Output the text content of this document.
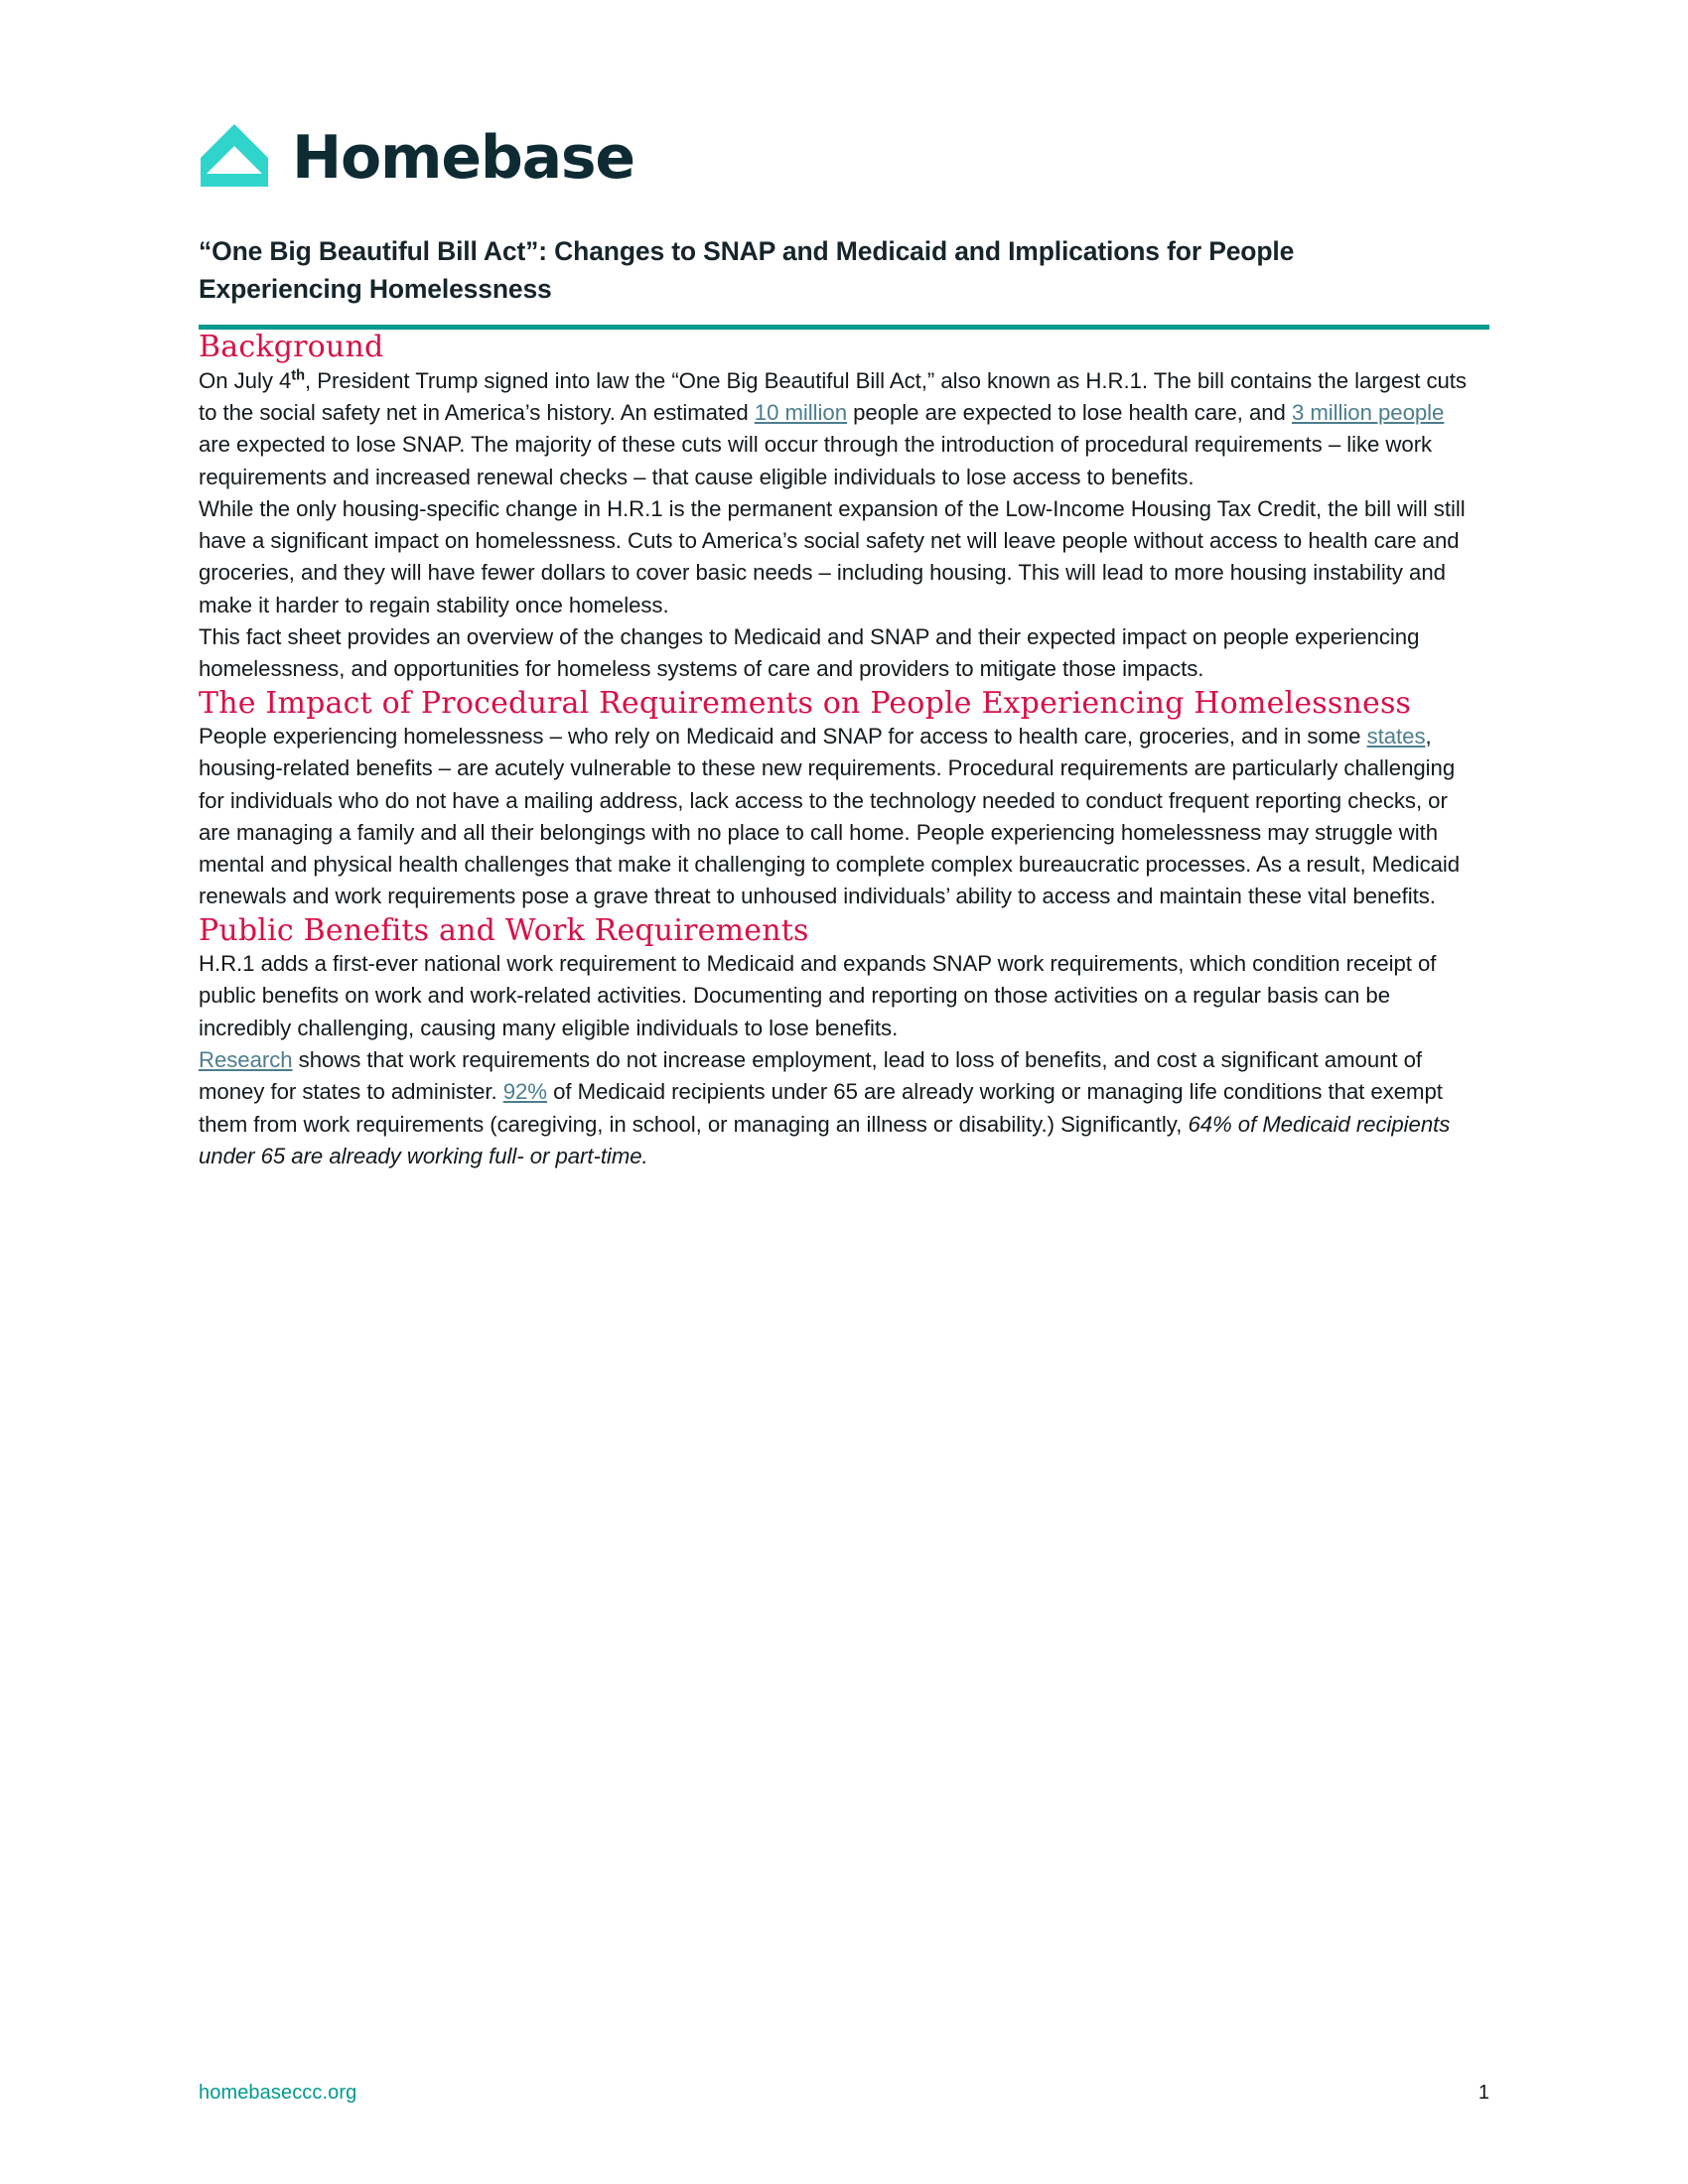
Homebase
“One Big Beautiful Bill Act”: Changes to SNAP and Medicaid and Implications for People Experiencing Homelessness
Background

On July 4th, President Trump signed into law the “One Big Beautiful Bill Act,” also known as H.R.1. The bill contains the largest cuts to the social safety net in America’s history. An estimated 10 million people are expected to lose health care, and 3 million people are expected to lose SNAP. The majority of these cuts will occur through the introduction of procedural requirements – like work requirements and increased renewal checks – that cause eligible individuals to lose access to benefits.

While the only housing-specific change in H.R.1 is the permanent expansion of the Low-Income Housing Tax Credit, the bill will still have a significant impact on homelessness. Cuts to America’s social safety net will leave people without access to health care and groceries, and they will have fewer dollars to cover basic needs – including housing. This will lead to more housing instability and make it harder to regain stability once homeless.

This fact sheet provides an overview of the changes to Medicaid and SNAP and their expected impact on people experiencing homelessness, and opportunities for homeless systems of care and providers to mitigate those impacts.

The Impact of Procedural Requirements on People Experiencing Homelessness

People experiencing homelessness – who rely on Medicaid and SNAP for access to health care, groceries, and in some states, housing-related benefits – are acutely vulnerable to these new requirements. Procedural requirements are particularly challenging for individuals who do not have a mailing address, lack access to the technology needed to conduct frequent reporting checks, or are managing a family and all their belongings with no place to call home. People experiencing homelessness may struggle with mental and physical health challenges that make it challenging to complete complex bureaucratic processes. As a result, Medicaid renewals and work requirements pose a grave threat to unhoused individuals’ ability to access and maintain these vital benefits.

Public Benefits and Work Requirements

H.R.1 adds a first-ever national work requirement to Medicaid and expands SNAP work requirements, which condition receipt of public benefits on work and work-related activities. Documenting and reporting on those activities on a regular basis can be incredibly challenging, causing many eligible individuals to lose benefits.

Research shows that work requirements do not increase employment, lead to loss of benefits, and cost a significant amount of money for states to administer. 92% of Medicaid recipients under 65 are already working or managing life conditions that exempt them from work requirements (caregiving, in school, or managing an illness or disability.) Significantly, 64% of Medicaid recipients under 65 are already working full- or part-time.

homebaseccc.org	1
